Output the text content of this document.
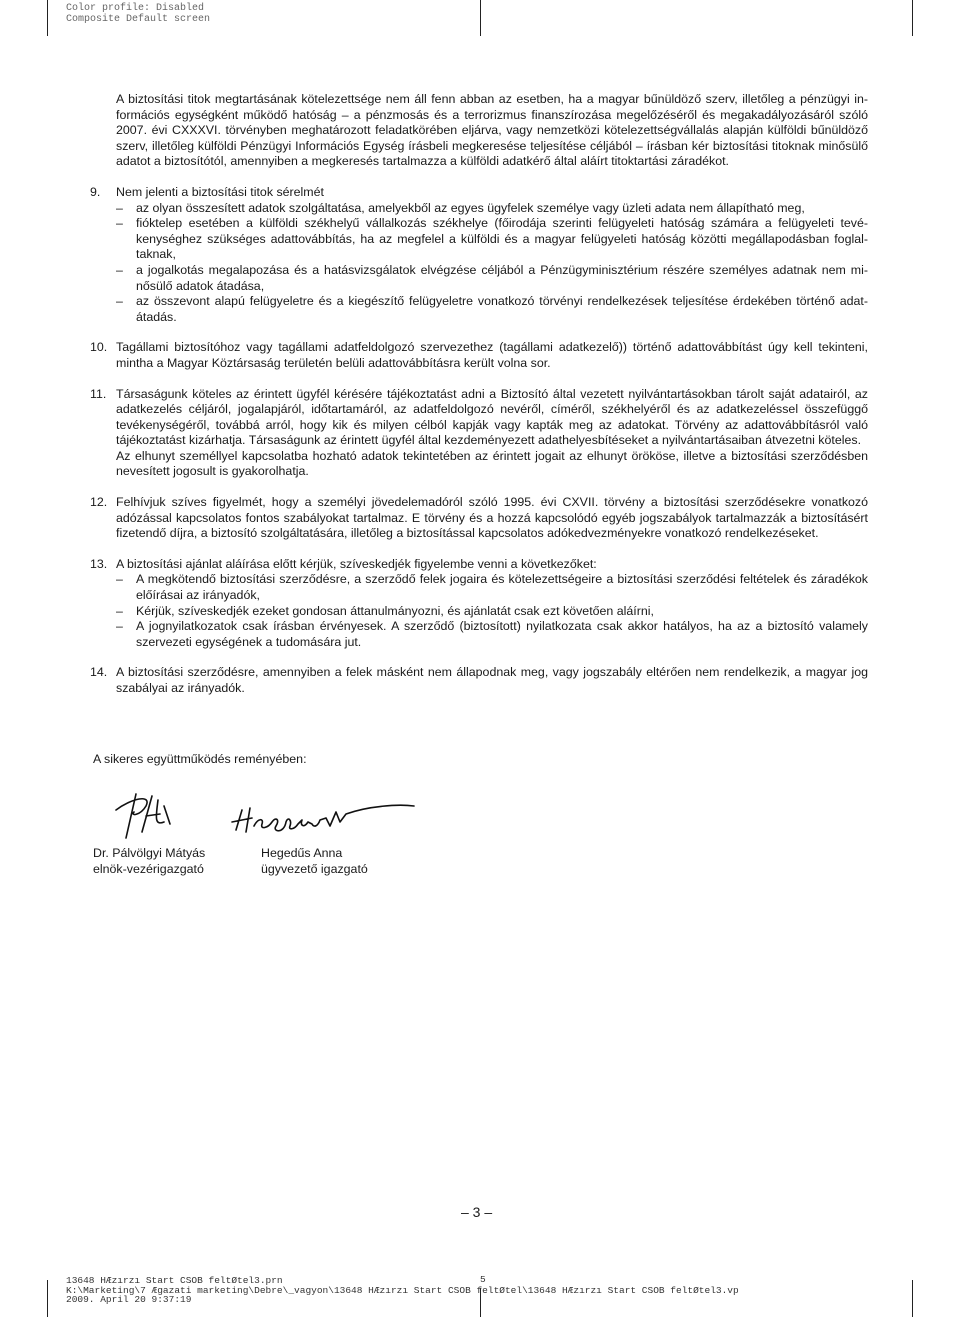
Color profile: Disabled
Composite Default screen

A biztosítási titok megtartásának kötelezettsége nem áll fenn abban az esetben, ha a magyar bűnüldöző szerv, illetőleg a pénzügyi információs egységként működő hatóság – a pénzmosás és a terrorizmus finanszírozása megelőzéséről és megakadályozásáról szóló 2007. évi CXXXVI. törvényben meghatározott feladatkörében eljárva, vagy nemzetközi kötelezettségvállalás alapján külföldi bűnüldöző szerv, illetőleg külföldi Pénzügyi Információs Egység írásbeli megkeresése teljesítése céljából – írásban kér biztosítási titoknak minősülő adatot a biztosítótól, amennyiben a megkeresés tartalmazza a külföldi adatkérő által aláírt titoktartási záradékot.

9. Nem jelenti a biztosítási titok sérelmét
– az olyan összesített adatok szolgáltatása, amelyekből az egyes ügyfelek személye vagy üzleti adata nem állapítható meg,
– fióktelep esetében a külföldi székhelyű vállalkozás székhelye (főirodája szerinti felügyeleti hatóság számára a felügyeleti tevékenységhez szükséges adattovábbítás, ha az megfelel a külföldi és a magyar felügyeleti hatóság közötti megállapodásban foglaltaknak,
– a jogalkotás megalapozása és a hatásvizsgálatok elvégzése céljából a Pénzügyminisztérium részére személyes adatnak nem minősülő adatok átadása,
– az összevont alapú felügyeletre és a kiegészítő felügyeletre vonatkozó törvényi rendelkezések teljesítése érdekében történő adatátadás.
10. Tagállami biztosítóhoz vagy tagállami adatfeldolgozó szervezethez (tagállami adatkezelő)) történő adattovábbítást úgy kell tekinteni, mintha a Magyar Köztársaság területén belüli adattovábbításra került volna sor.
11. Társaságunk köteles az érintett ügyfél kérésére tájékoztatást adni a Biztosító által vezetett nyilvántartásokban tárolt saját adatairól, az adatkezelés céljáról, jogalapjáról, időtartamáról, az adatfeldolgozó nevéről, címéről, székhelyéről és az adatkezeléssel összefüggő tevékenységéről, továbbá arról, hogy kik és milyen célból kapják vagy kapták meg az adatokat. Törvény az adattovábbításról való tájékoztatást kizárhatja. Társaságunk az érintett ügyfél által kezdeményezett adathelyesbítéseket a nyilvántartásaiban átvezetni köteles.
Az elhunyt személlyel kapcsolatba hozható adatok tekintetében az érintett jogait az elhunyt örököse, illetve a biztosítási szerződésben nevesített jogosult is gyakorolhatja.
12. Felhívjuk szíves figyelmét, hogy a személyi jövedelemadóról szóló 1995. évi CXVII. törvény a biztosítási szerződésekre vonatkozó adózással kapcsolatos fontos szabályokat tartalmaz. E törvény és a hozzá kapcsolódó egyéb jogszabályok tartalmazzák a biztosításért fizetendő díjra, a biztosító szolgáltatására, illetőleg a biztosítással kapcsolatos adókedvezményekre vonatkozó rendelkezéseket.
13. A biztosítási ajánlat aláírása előtt kérjük, szíveskedjék figyelembe venni a következőket:
– A megkötendő biztosítási szerződésre, a szerződő felek jogaira és kötelezettségeire a biztosítási szerződési feltételek és záradékok előírásai az irányadók,
– Kérjük, szíveskedjék ezeket gondosan áttanulmányozni, és ajánlatát csak ezt követően aláírni,
– A jognyilatkozatok csak írásban érvényesek. A szerződő (biztosított) nyilatkozata csak akkor hatályos, ha az a biztosító valamely szervezeti egységének a tudomására jut.
14. A biztosítási szerződésre, amennyiben a felek másként nem állapodnak meg, vagy jogszabály eltérően nem rendelkezik, a magyar jog szabályai az irányadók.
A sikeres együttműködés reményében:
Dr. Pálvölgyi Mátyás
elnök-vezérigazgató
Hegedűs Anna
ügyvezető igazgató
– 3 –
5
13648 HÆzırzı Start CSOB feltØtel3.prn
K:\Marketing\7 Ægazati marketing\Debre\_vagyon\13648 HÆzırzı Start CSOB feltØtel\13648 HÆzırzı Start CSOB feltØtel3.vp
2009. April 20 9:37:19
